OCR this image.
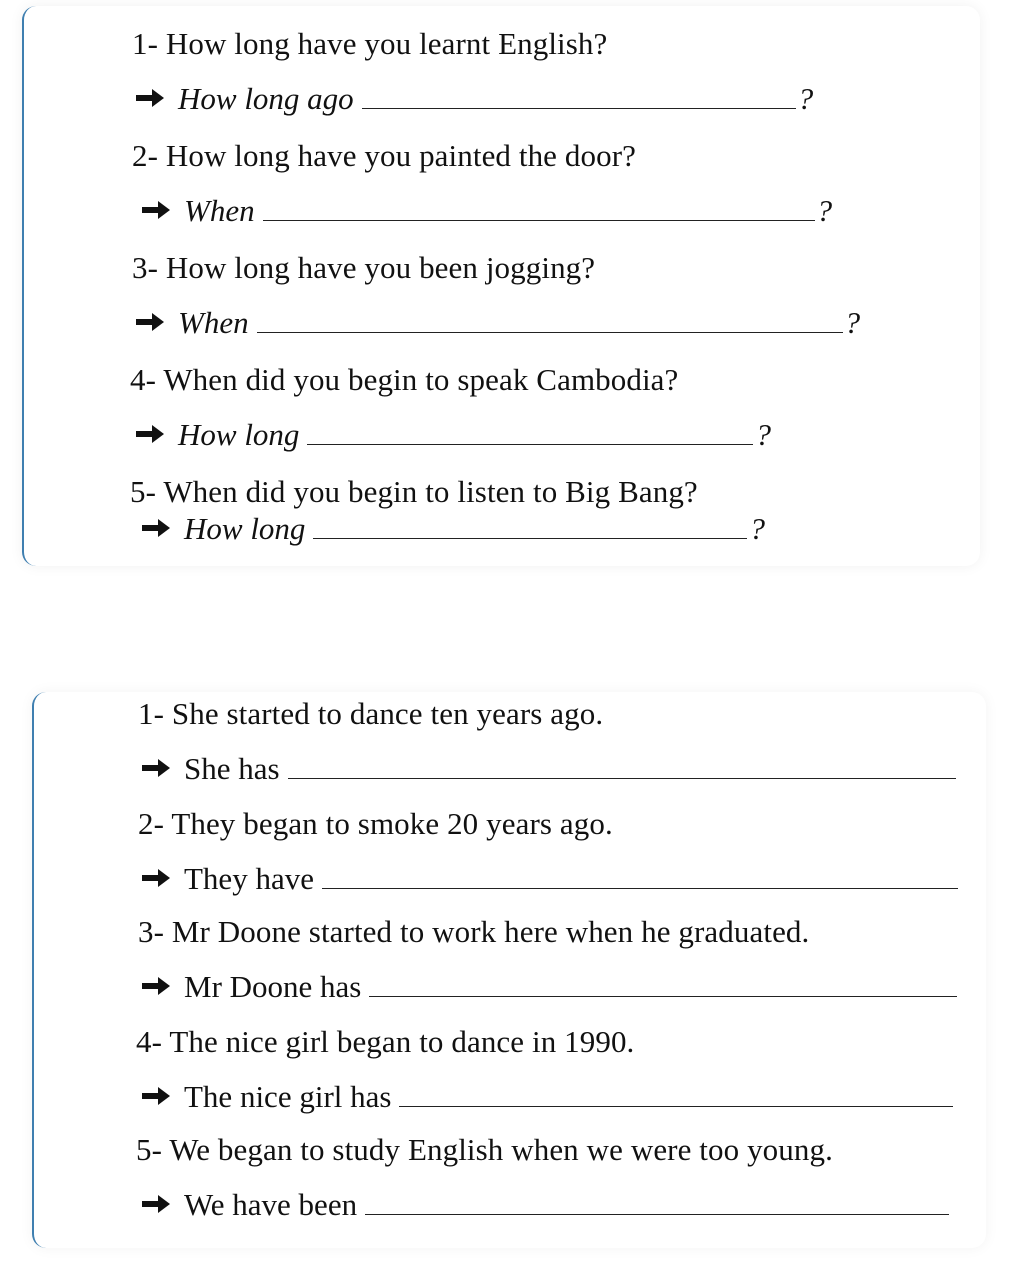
1- How long have you learnt English?
How long ago	?
2- How long have you painted the door?
When	?
3- How long have you been jogging?
When	?
4- When did you begin to speak Cambodia?
How long	?
5- When did you begin to listen to Big Bang?
How long	?
1- She started to dance ten years ago.
She has
2- They began to smoke 20 years ago.
They have
3- Mr Doone started to work here when he graduated.
Mr Doone has
4- The nice girl began to dance in 1990.
The nice girl has
5- We began to study English when we were too young.
We have been
